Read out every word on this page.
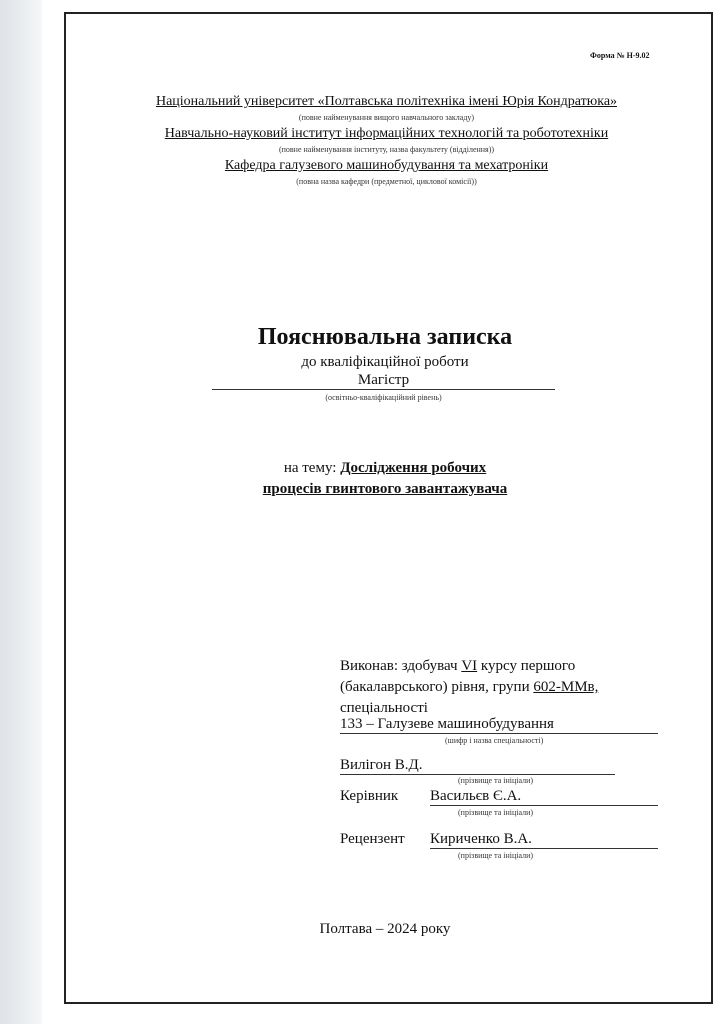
Форма № Н-9.02
Національний університет «Полтавська політехніка імені Юрія Кондратюка»
(повне найменування вищого навчального закладу)
Навчально-науковий інститут інформаційних технологій та робототехніки
(повне найменування інституту, назва факультету (відділення))
Кафедра галузевого машинобудування та мехатроніки
(повна назва кафедри (предметної, циклової комісії))
Пояснювальна записка
до кваліфікаційної роботи
Магістр
(освітньо-кваліфікаційний рівень)
на тему: Дослідження робочих
процесів гвинтового завантажувача
Виконав: здобувач VI курсу першого
(бакалаврського) рівня, групи 602-ММв,
спеціальності
133 – Галузеве машинобудування
(шифр і назва спеціальності)
Вилігон В.Д.
(прізвище та ініціали)
Керівник Васильєв Є.А.
(прізвище та ініціали)
Рецензент Кириченко В.А.
(прізвище та ініціали)
Полтава – 2024 року
